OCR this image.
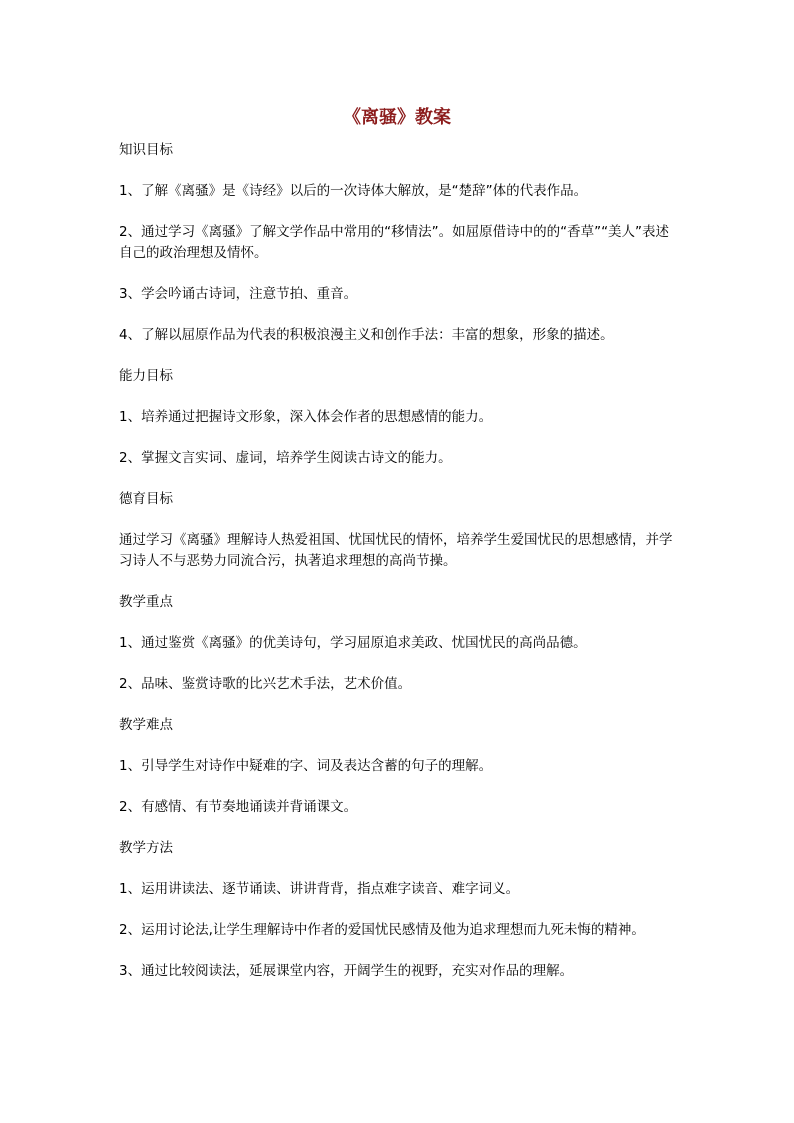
《离骚》教案

知识目标

1、了解《离骚》是《诗经》以后的一次诗体大解放，是“楚辞”体的代表作品。

2、通过学习《离骚》了解文学作品中常用的“移情法”。如屈原借诗中的的“香草”“美人”表述自己的政治理想及情怀。

3、学会吟诵古诗词，注意节拍、重音。

4、了解以屈原作品为代表的积极浪漫主义和创作手法：丰富的想象，形象的描述。

能力目标

1、培养通过把握诗文形象，深入体会作者的思想感情的能力。

2、掌握文言实词、虚词，培养学生阅读古诗文的能力。

德育目标

通过学习《离骚》理解诗人热爱祖国、忧国忧民的情怀，培养学生爱国忧民的思想感情，并学习诗人不与恶势力同流合污，执著追求理想的高尚节操。

教学重点

1、通过鉴赏《离骚》的优美诗句，学习屈原追求美政、忧国忧民的高尚品德。

2、品味、鉴赏诗歌的比兴艺术手法，艺术价值。

教学难点

1、引导学生对诗作中疑难的字、词及表达含蓄的句子的理解。

2、有感情、有节奏地诵读并背诵课文。

教学方法

1、运用讲读法、逐节诵读、讲讲背背，指点难字读音、难字词义。

2、运用讨论法,让学生理解诗中作者的爱国忧民感情及他为追求理想而九死未悔的精神。

3、通过比较阅读法，延展课堂内容，开阔学生的视野，充实对作品的理解。
